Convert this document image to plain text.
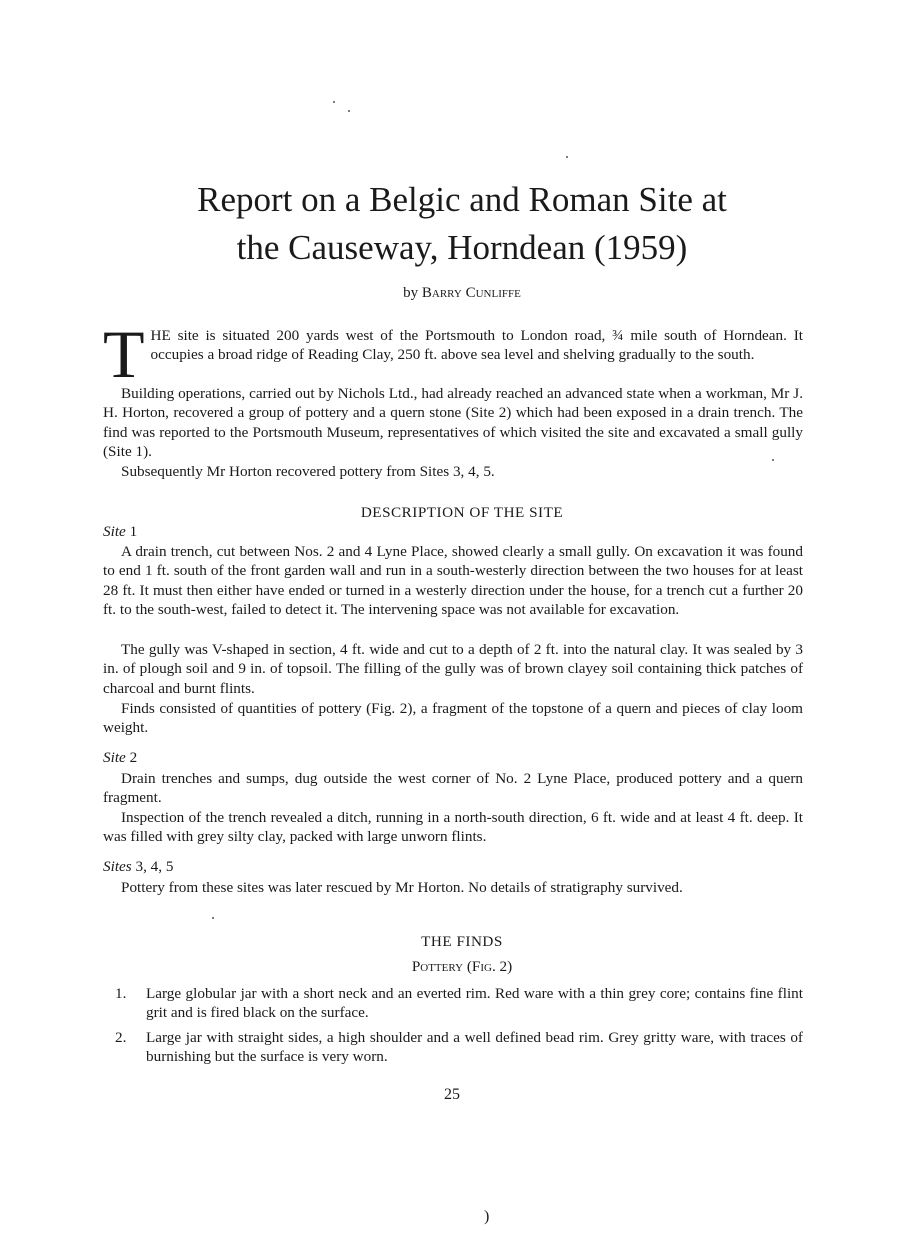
Report on a Belgic and Roman Site at
the Causeway, Horndean (1959)
by Barry Cunliffe
T HE site is situated 200 yards west of the Portsmouth to London road, ¾ mile south of Horndean. It occupies a broad ridge of Reading Clay, 250 ft. above sea level and shelving gradually to the south.

Building operations, carried out by Nichols Ltd., had already reached an advanced state when a workman, Mr J. H. Horton, recovered a group of pottery and a quern stone (Site 2) which had been exposed in a drain trench. The find was reported to the Portsmouth Museum, representatives of which visited the site and excavated a small gully (Site 1).

Subsequently Mr Horton recovered pottery from Sites 3, 4, 5.

DESCRIPTION OF THE SITE
Site 1

A drain trench, cut between Nos. 2 and 4 Lyne Place, showed clearly a small gully. On excavation it was found to end 1 ft. south of the front garden wall and run in a south-westerly direction between the two houses for at least 28 ft. It must then either have ended or turned in a westerly direction under the house, for a trench cut a further 20 ft. to the south-west, failed to detect it. The intervening space was not available for excavation.

The gully was V-shaped in section, 4 ft. wide and cut to a depth of 2 ft. into the natural clay. It was sealed by 3 in. of plough soil and 9 in. of topsoil. The filling of the gully was of brown clayey soil containing thick patches of charcoal and burnt flints.

Finds consisted of quantities of pottery (Fig. 2), a fragment of the topstone of a quern and pieces of clay loom weight.

Site 2

Drain trenches and sumps, dug outside the west corner of No. 2 Lyne Place, produced pottery and a quern fragment.

Inspection of the trench revealed a ditch, running in a north-south direction, 6 ft. wide and at least 4 ft. deep. It was filled with grey silty clay, packed with large unworn flints.

Sites 3, 4, 5

Pottery from these sites was later rescued by Mr Horton. No details of stratigraphy survived.

THE FINDS
Pottery (Fig. 2)
1. Large globular jar with a short neck and an everted rim. Red ware with a thin grey core; contains fine flint grit and is fired black on the surface.
2. Large jar with straight sides, a high shoulder and a well defined bead rim. Grey gritty ware, with traces of burnishing but the surface is very worn.
25
)
